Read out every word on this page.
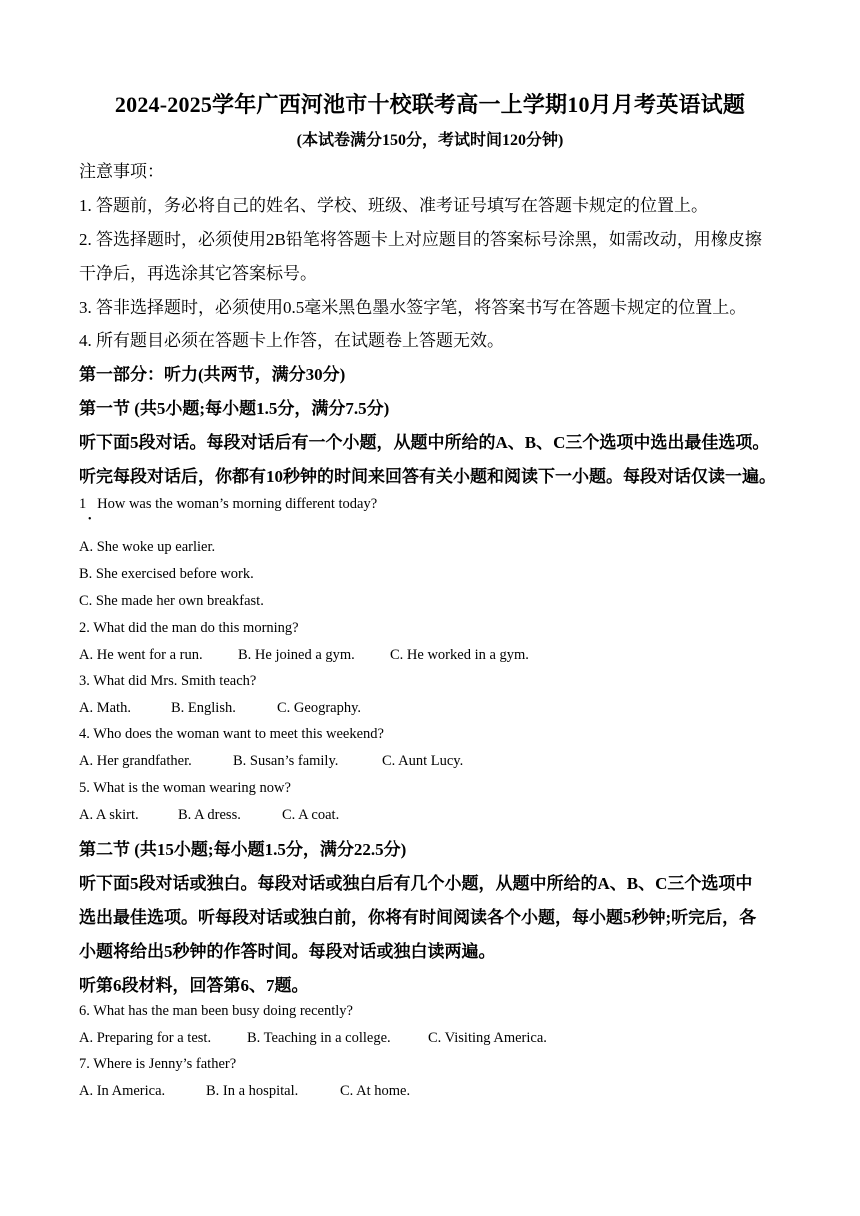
2024-2025学年广西河池市十校联考高一上学期10月月考英语试题
(本试卷满分150分，考试时间120分钟)
注意事项：
1. 答题前，务必将自己的姓名、学校、班级、准考证号填写在答题卡规定的位置上。
2. 答选择题时，必须使用2B铅笔将答题卡上对应题目的答案标号涂黑，如需改动，用橡皮擦
干净后，再选涂其它答案标号。
3. 答非选择题时，必须使用0.5毫米黑色墨水签字笔，将答案书写在答题卡规定的位置上。
4. 所有题目必须在答题卡上作答，在试题卷上答题无效。
第一部分：听力(共两节，满分30分)
第一节 (共5小题;每小题1.5分，满分7.5分)
听下面5段对话。每段对话后有一个小题，从题中所给的A、B、C三个选项中选出最佳选项。
听完每段对话后，你都有10秒钟的时间来回答有关小题和阅读下一小题。每段对话仅读一遍。
1 How was the woman’s morning different today?
•
A. She woke up earlier.
B. She exercised before work.
C. She made her own breakfast.
2. What did the man do this morning?
A. He went for a run. B. He joined a gym. C. He worked in a gym.
3. What did Mrs. Smith teach?
A. Math.	B. English.	C. Geography.
4. Who does the woman want to meet this weekend?
A. Her grandfather.	B. Susan’s family.	C. Aunt Lucy.
5. What is the woman wearing now?
A. A skirt.	B. A dress.	C. A coat.
第二节 (共15小题;每小题1.5分，满分22.5分)
听下面5段对话或独白。每段对话或独白后有几个小题，从题中所给的A、B、C三个选项中
选出最佳选项。听每段对话或独白前，你将有时间阅读各个小题，每小题5秒钟;听完后，各
小题将给出5秒钟的作答时间。每段对话或独白读两遍。
听第6段材料，回答第6、7题。
6. What has the man been busy doing recently?
A. Preparing for a test. B. Teaching in a college.	C. Visiting America.
7. Where is Jenny’s father?
A. In America.	B. In a hospital.	C. At home.
